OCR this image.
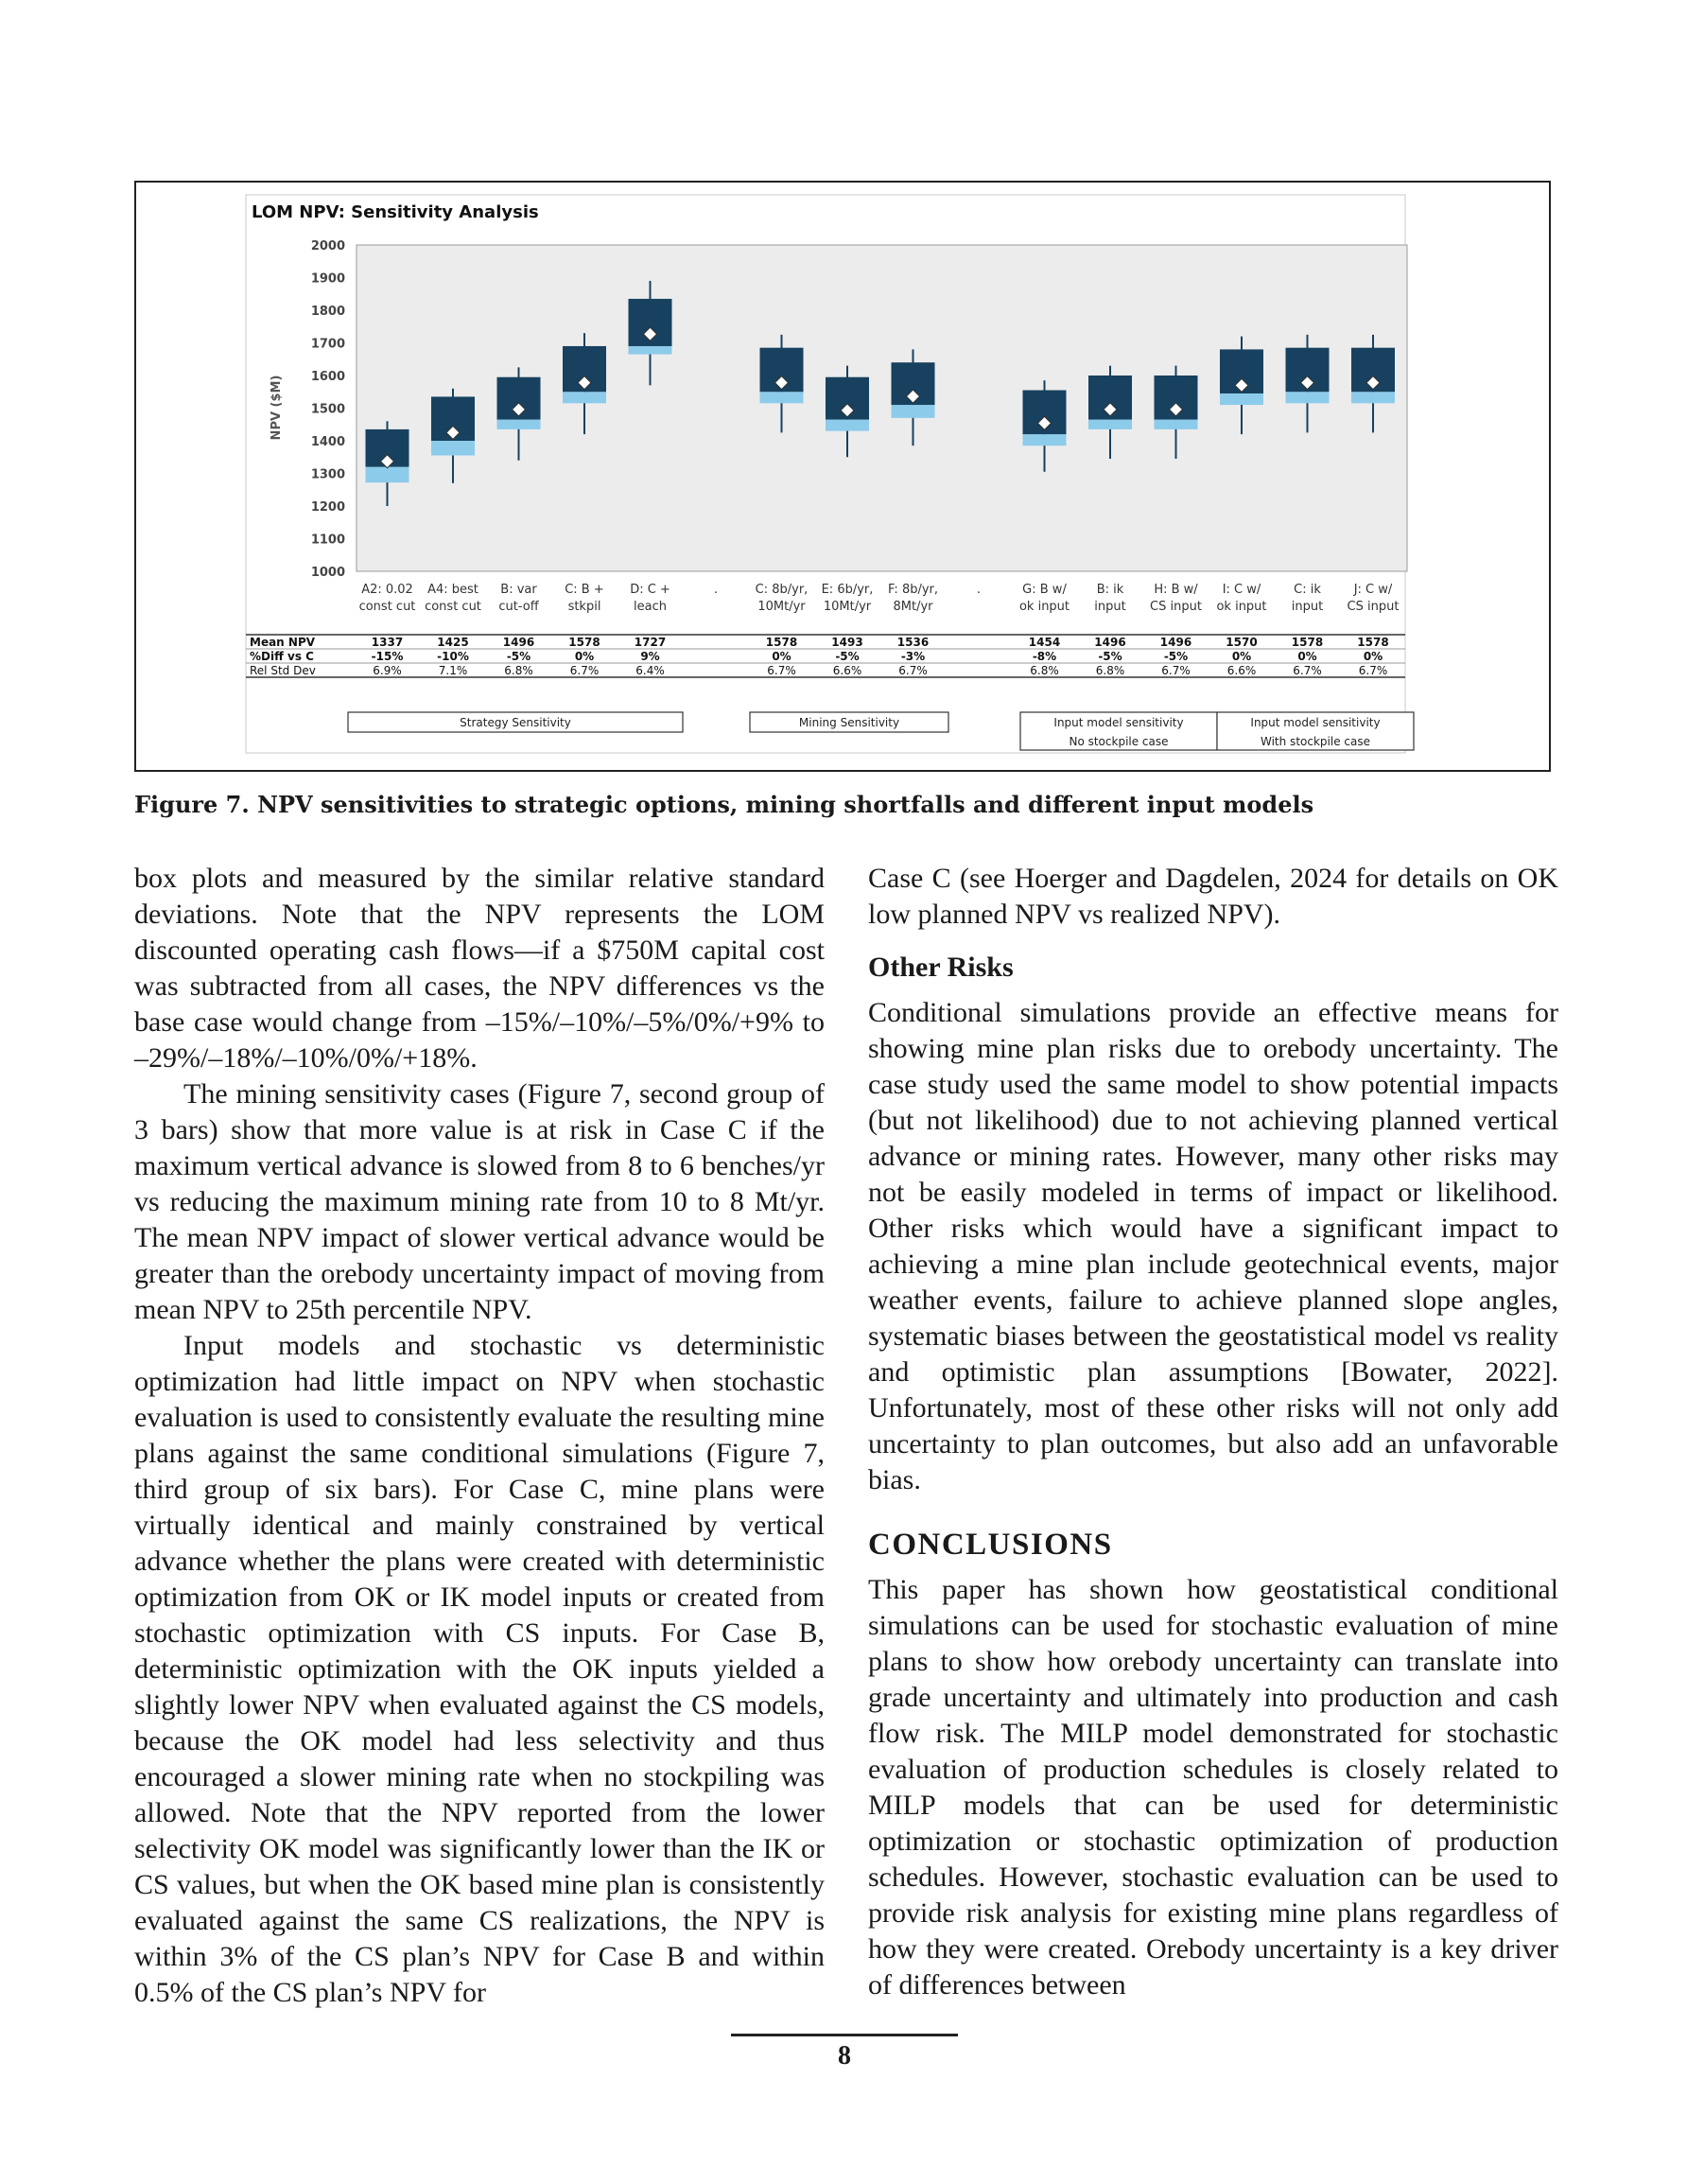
LOM NPV: Sensitivity Analysis
1000
1100
1200
1300
1400
1500
1600
1700
1800
1900
2000
NPV ($M)
A2: 0.02
const cut
A4: best
const cut
B: var
cut-off
C: B +
stkpil
D: C +
leach
.	C: 8b/yr,
10Mt/yr
E: 6b/yr,
10Mt/yr
F: 8b/yr,
8Mt/yr
.	G: B w/
ok input
B: ik
input
H: B w/
CS input
I: C w/
ok input
C: ik
input
J: C w/
CS input
Mean NPV	1337	1425	1496	1578	1727	1578	1493	1536	1454	1496	1496	1570	1578	1578
%Diff vs C	-15%	-10%	-5%	0%	9%	0%	-5%	-3%	-8%	-5%	-5%	0%	0%	0%
Rel Std Dev	6.9%	7.1%	6.8%	6.7%	6.4%	6.7%	6.6%	6.7%	6.8%	6.8%	6.7%	6.6%	6.7%	6.7%
Strategy Sensitivity	Mining Sensitivity	Input model sensitivity
No stockpile case
Input model sensitivity
With stockpile case
Figure 7. NPV sensitivities to strategic options, mining shortfalls and different input models

box plots and measured by the similar relative standard deviations. Note that the NPV represents the LOM discounted operating cash flows—if a $750M capital cost was subtracted from all cases, the NPV differences vs the base case would change from –15%/–10%/–5%/0%/+9% to –29%/–18%/–10%/0%/+18%.

The mining sensitivity cases (Figure 7, second group of 3 bars) show that more value is at risk in Case C if the maximum vertical advance is slowed from 8 to 6 benches/yr vs reducing the maximum mining rate from 10 to 8 Mt/yr. The mean NPV impact of slower vertical advance would be greater than the orebody uncertainty impact of moving from mean NPV to 25th percentile NPV.

Input models and stochastic vs deterministic optimization had little impact on NPV when stochastic evaluation is used to consistently evaluate the resulting mine plans against the same conditional simulations (Figure 7, third group of six bars). For Case C, mine plans were virtually identical and mainly constrained by vertical advance whether the plans were created with deterministic optimization from OK or IK model inputs or created from stochastic optimization with CS inputs. For Case B, deterministic optimization with the OK inputs yielded a slightly lower NPV when evaluated against the CS models, because the OK model had less selectivity and thus encouraged a slower mining rate when no stockpiling was allowed. Note that the NPV reported from the lower selectivity OK model was significantly lower than the IK or CS values, but when the OK based mine plan is consistently evaluated against the same CS realizations, the NPV is within 3% of the CS plan’s NPV for Case B and within 0.5% of the CS plan’s NPV for

Case C (see Hoerger and Dagdelen, 2024 for details on OK low planned NPV vs realized NPV).

Other Risks

Conditional simulations provide an effective means for showing mine plan risks due to orebody uncertainty. The case study used the same model to show potential impacts (but not likelihood) due to not achieving planned vertical advance or mining rates. However, many other risks may not be easily modeled in terms of impact or likelihood. Other risks which would have a significant impact to achieving a mine plan include geotechnical events, major weather events, failure to achieve planned slope angles, systematic biases between the geostatistical model vs reality and optimistic plan assumptions [Bowater, 2022]. Unfortunately, most of these other risks will not only add uncertainty to plan outcomes, but also add an unfavorable bias.

CONCLUSIONS

This paper has shown how geostatistical conditional simulations can be used for stochastic evaluation of mine plans to show how orebody uncertainty can translate into grade uncertainty and ultimately into production and cash flow risk. The MILP model demonstrated for stochastic evaluation of production schedules is closely related to MILP models that can be used for deterministic optimization or stochastic optimization of production schedules. However, stochastic evaluation can be used to provide risk analysis for existing mine plans regardless of how they were created. Orebody uncertainty is a key driver of differences between

8
